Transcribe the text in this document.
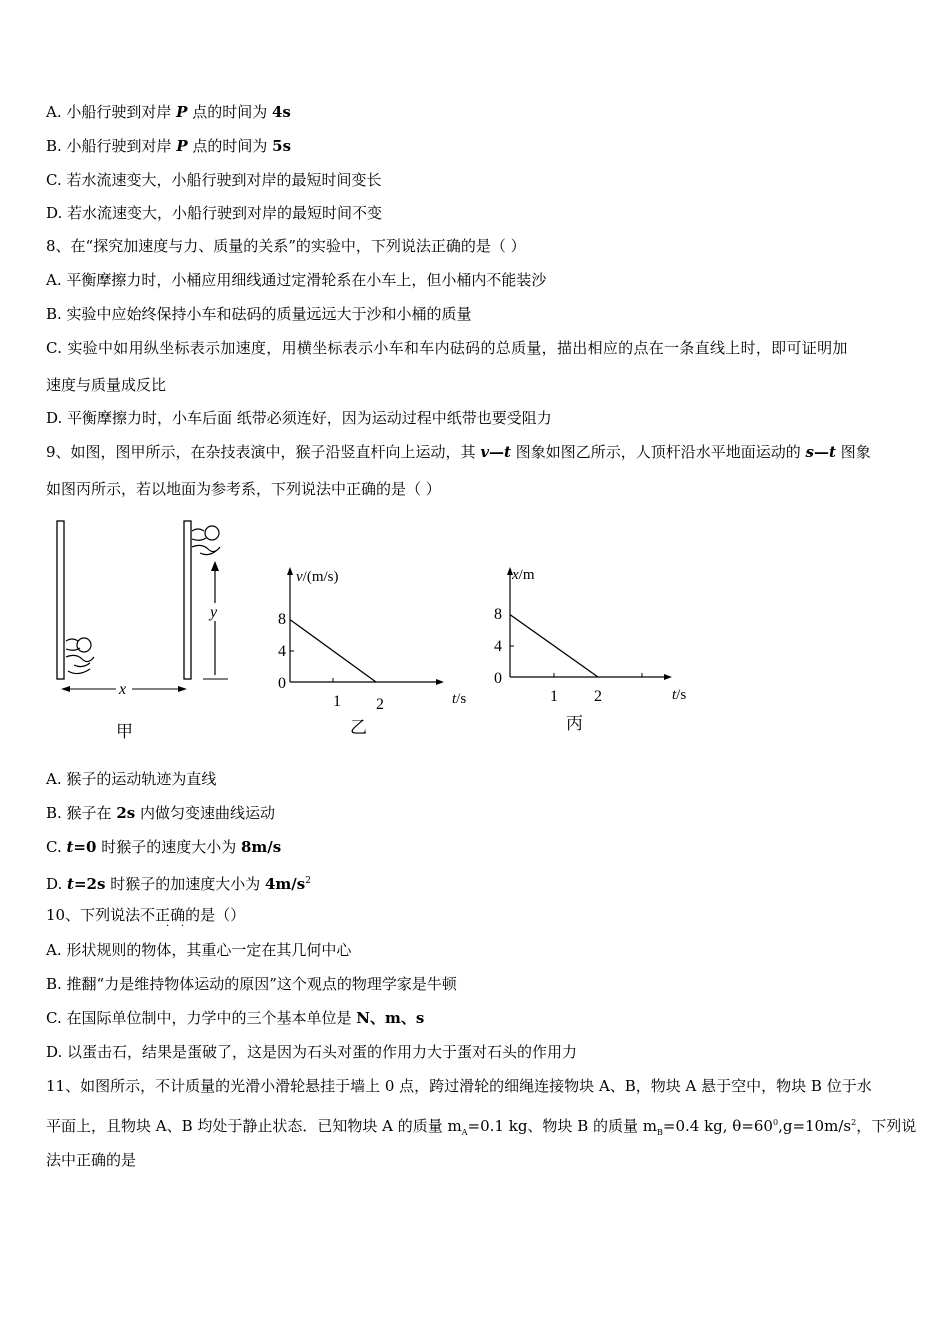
A. 小船行驶到对岸 P 点的时间为 4s
B. 小船行驶到对岸 P 点的时间为 5s
C. 若水流速变大，小船行驶到对岸的最短时间变长
D. 若水流速变大，小船行驶到对岸的最短时间不变
8、在“探究加速度与力、质量的关系”的实验中，下列说法正确的是（ ）
A. 平衡摩擦力时，小桶应用细线通过定滑轮系在小车上，但小桶内不能装沙
B. 实验中应始终保持小车和砝码的质量远远大于沙和小桶的质量
C. 实验中如用纵坐标表示加速度，用横坐标表示小车和车内砝码的总质量，描出相应的点在一条直线上时，即可证明加
速度与质量成反比
D. 平衡摩擦力时，小车后面 纸带必须连好，因为运动过程中纸带也要受阻力
9、如图，图甲所示，在杂技表演中，猴子沿竖直杆向上运动，其 v—t 图象如图乙所示，人顶杆沿水平地面运动的 s—t 图象
如图丙所示，若以地面为参考系，下列说法中正确的是（ ）
y
x
甲
v/(m/s)
t/s
8
4
0
1 2
乙
x/m
t/s
8
4
0
1 2
丙
A. 猴子的运动轨迹为直线
B. 猴子在 2s 内做匀变速曲线运动
C. t=0 时猴子的速度大小为 8m/s
D. t=2s 时猴子的加速度大小为 $4m/s^2$
10、下列说法不正确的是（）
· ·
A. 形状规则的物体，其重心一定在其几何中心
B. 推翻“力是维持物体运动的原因”这个观点的物理学家是牛顿
C. 在国际单位制中，力学中的三个基本单位是 N、m、s
D. 以蛋击石，结果是蛋破了，这是因为石头对蛋的作用力大于蛋对石头的作用力
11、如图所示，不计质量的光滑小滑轮悬挂于墙上 0 点，跨过滑轮的细绳连接物块 A、B，物块 A 悬于空中，物块 B 位于水
平面上，且物块 A、B 均处于静止状态．已知物块 A 的质量 $m_A=0.1$ kg、物块 B 的质量 $m_B=0.4$ kg, $\theta=60^0,g=10m/s^2$，下列说
法中正确的是
